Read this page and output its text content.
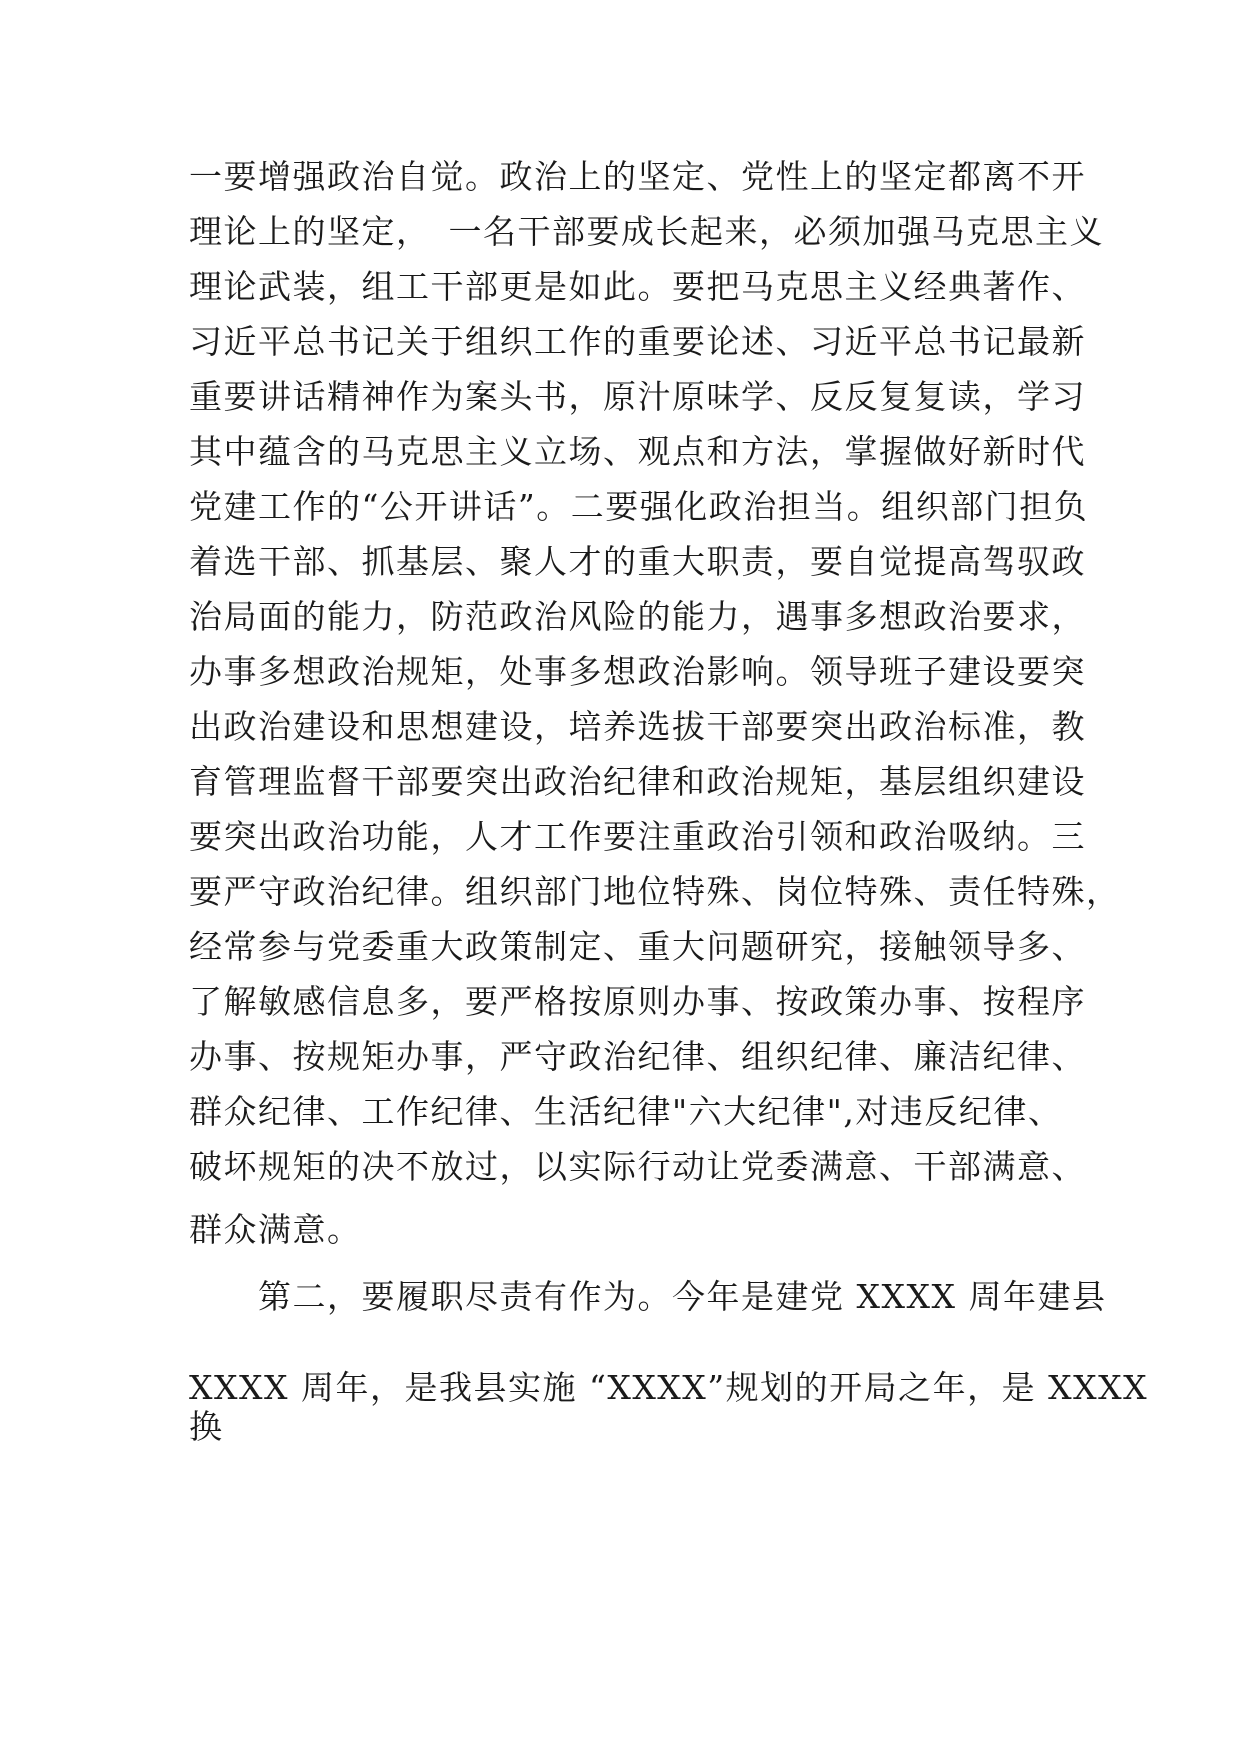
一要增强政治自觉。政治上的坚定、党性上的坚定都离不开
理论上的坚定，　一名干部要成长起来，必须加强马克思主义
理论武装，组工干部更是如此。要把马克思主义经典著作、
习近平总书记关于组织工作的重要论述、习近平总书记最新
重要讲话精神作为案头书，原汁原味学、反反复复读，学习
其中蕴含的马克思主义立场、观点和方法，掌握做好新时代
党建工作的“公开讲话”。二要强化政治担当。组织部门担负
着选干部、抓基层、聚人才的重大职责，要自觉提高驾驭政
治局面的能力，防范政治风险的能力，遇事多想政治要求，
办事多想政治规矩，处事多想政治影响。领导班子建设要突
出政治建设和思想建设，培养选拔干部要突出政治标准，教
育管理监督干部要突出政治纪律和政治规矩，基层组织建设
要突出政治功能，人才工作要注重政治引领和政治吸纳。三
要严守政治纪律。组织部门地位特殊、岗位特殊、责任特殊，
经常参与党委重大政策制定、重大问题研究，接触领导多、
了解敏感信息多，要严格按原则办事、按政策办事、按程序
办事、按规矩办事，严守政治纪律、组织纪律、廉洁纪律、
群众纪律、工作纪律、生活纪律"六大纪律",对违反纪律、
破坏规矩的决不放过，以实际行动让党委满意、干部满意、
群众满意。
　　第二，要履职尽责有作为。今年是建党 XXXX 周年建县
XXXX 周年，是我县实施 “XXXX”规划的开局之年，是 XXXX
换
